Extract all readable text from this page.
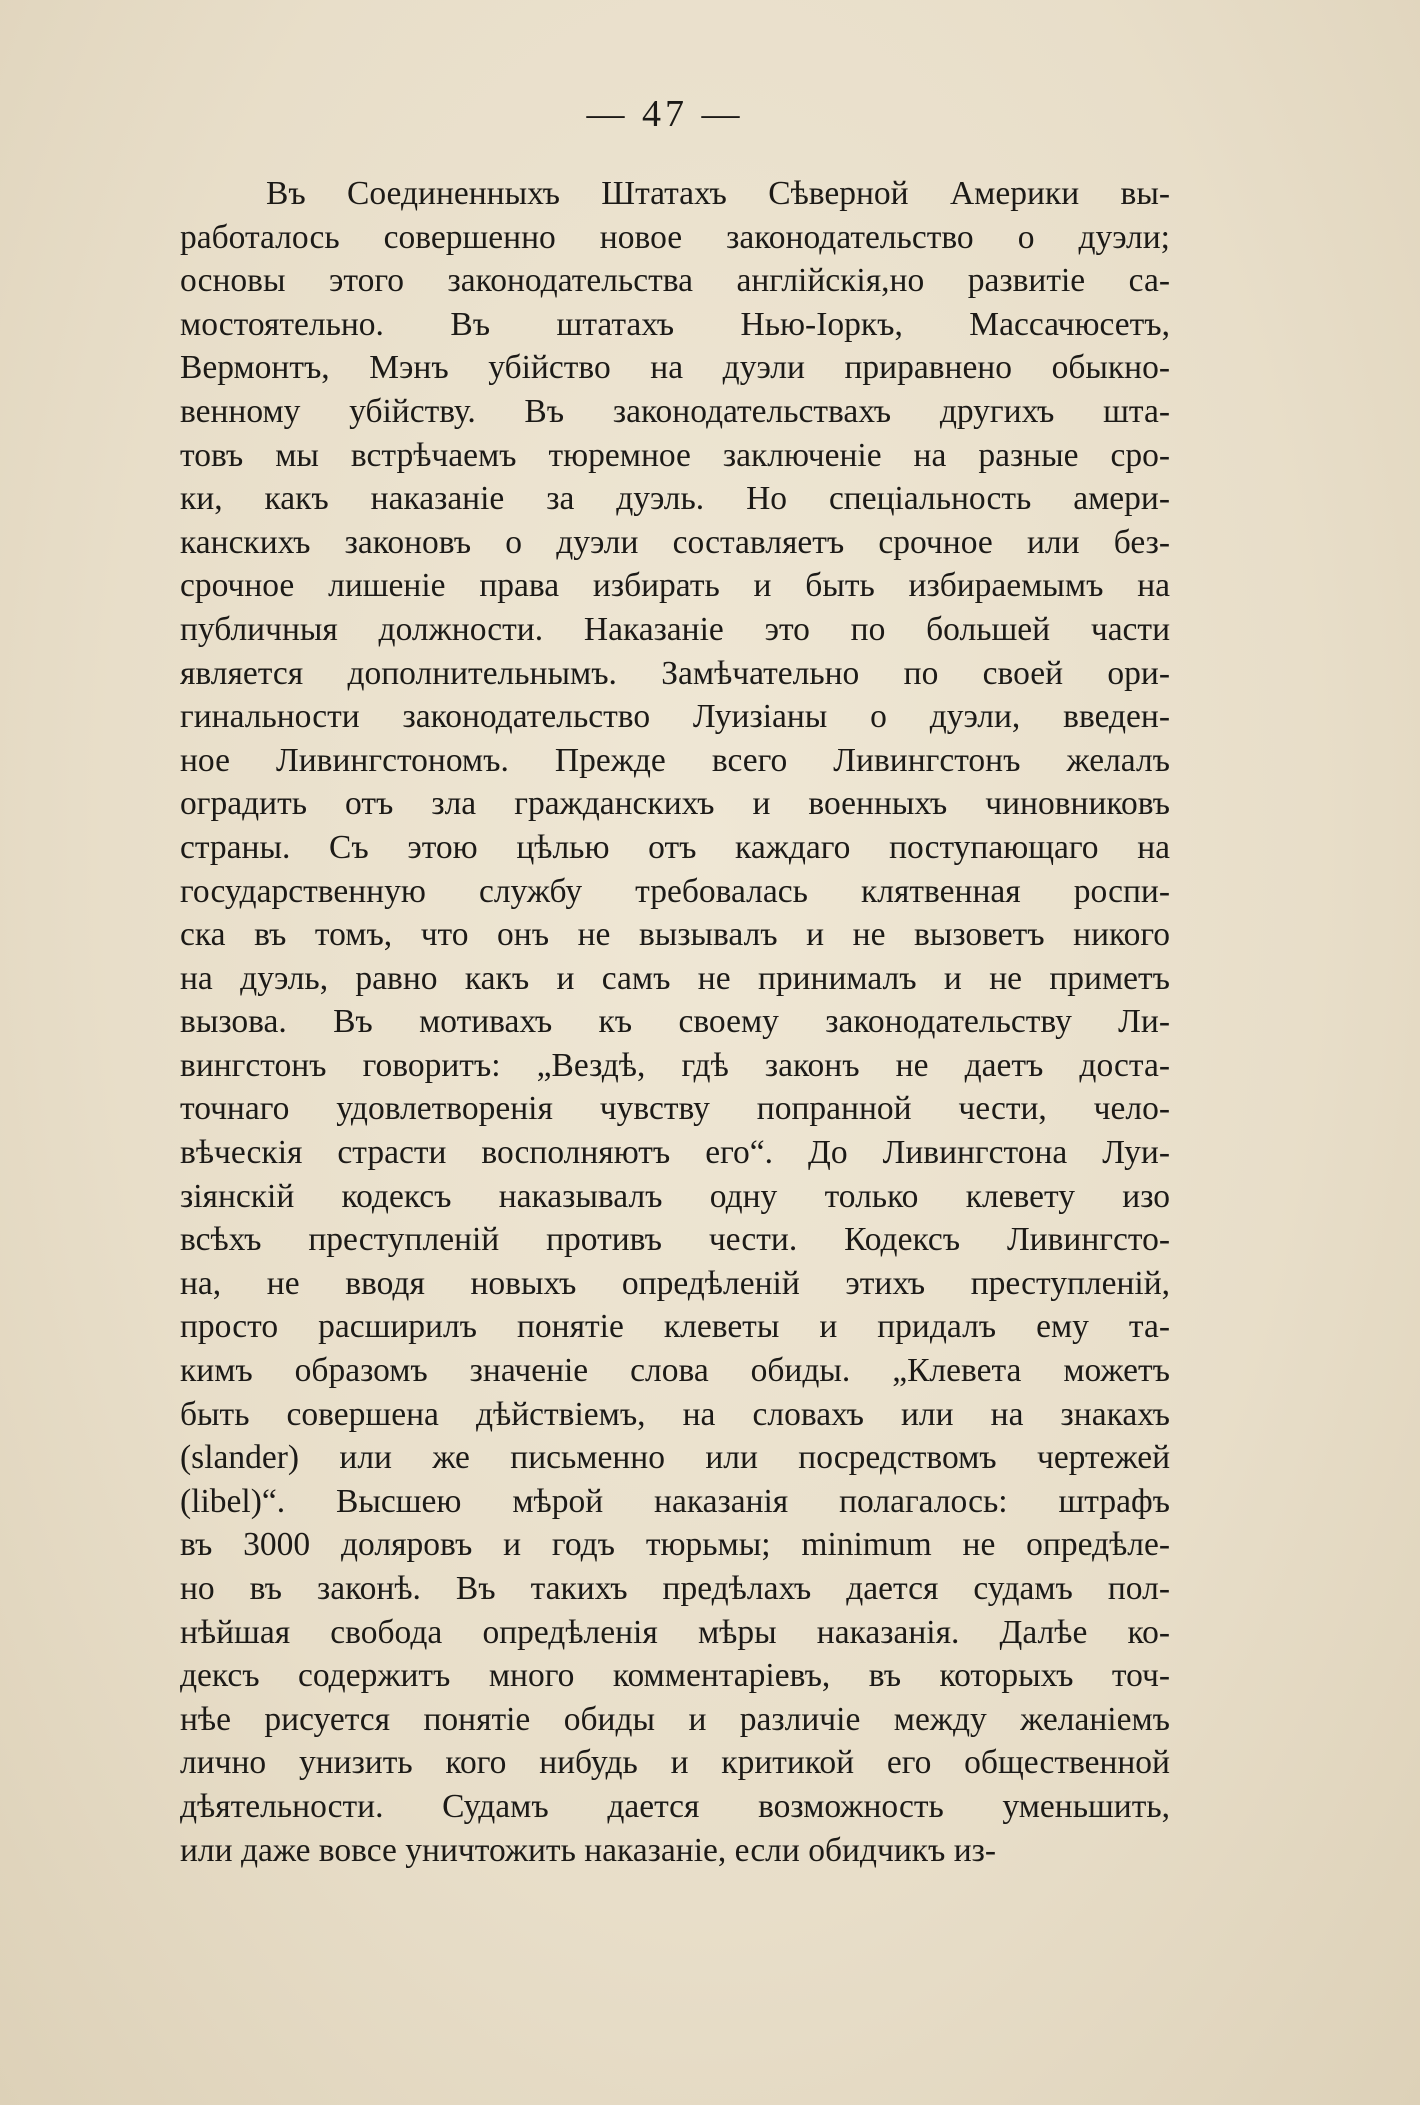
— 47 —
Въ Соединенныхъ Штатахъ Сѣверной Америки вы-
работалось совершенно новое законодательство о дуэли;
основы этого законодательства англійскія,но развитіе са-
мостоятельно. Въ штатахъ Нью-Iоркъ, Массачюсетъ,
Вермонтъ, Мэнъ убійство на дуэли приравнено обыкно-
венному убійству. Въ законодательствахъ другихъ шта-
товъ мы встрѣчаемъ тюремное заключеніе на разные сро-
ки, какъ наказаніе за дуэль. Но спеціальность амери-
канскихъ законовъ о дуэли составляетъ срочное или без-
срочное лишеніе права избирать и быть избираемымъ на
публичныя должности. Наказаніе это по большей части
является дополнительнымъ. Замѣчательно по своей ори-
гинальности законодательство Луизіаны о дуэли, введен-
ное Ливингстономъ. Прежде всего Ливингстонъ желалъ
оградить отъ зла гражданскихъ и военныхъ чиновниковъ
страны. Съ этою цѣлью отъ каждаго поступающаго на
государственную службу требовалась клятвенная роспи-
ска въ томъ, что онъ не вызывалъ и не вызоветъ никого
на дуэль, равно какъ и самъ не принималъ и не приметъ
вызова. Въ мотивахъ къ своему законодательству Ли-
вингстонъ говоритъ: „Вездѣ, гдѣ законъ не даетъ доста-
точнаго удовлетворенія чувству попранной чести, чело-
вѣческія страсти восполняютъ его“. До Ливингстона Луи-
зіянскій кодексъ наказывалъ одну только клевету изо
всѣхъ преступленій противъ чести. Кодексъ Ливингсто-
на, не вводя новыхъ опредѣленій этихъ преступленій,
просто расширилъ понятіе клеветы и придалъ ему та-
кимъ образомъ значеніе слова обиды. „Клевета можетъ
быть совершена дѣйствіемъ, на словахъ или на знакахъ
(slander) или же письменно или посредствомъ чертежей
(libel)“. Высшею мѣрой наказанія полагалось: штрафъ
въ 3000 доляровъ и годъ тюрьмы; minimum не опредѣле-
но въ законѣ. Въ такихъ предѣлахъ дается судамъ пол-
нѣйшая свобода опредѣленія мѣры наказанія. Далѣе ко-
дексъ содержитъ много комментаріевъ, въ которыхъ точ-
нѣе рисуется понятіе обиды и различіе между желаніемъ
лично унизить кого нибудь и критикой его общественной
дѣятельности. Судамъ дается возможность уменьшить,
или даже вовсе уничтожить наказаніе, если обидчикъ из-
